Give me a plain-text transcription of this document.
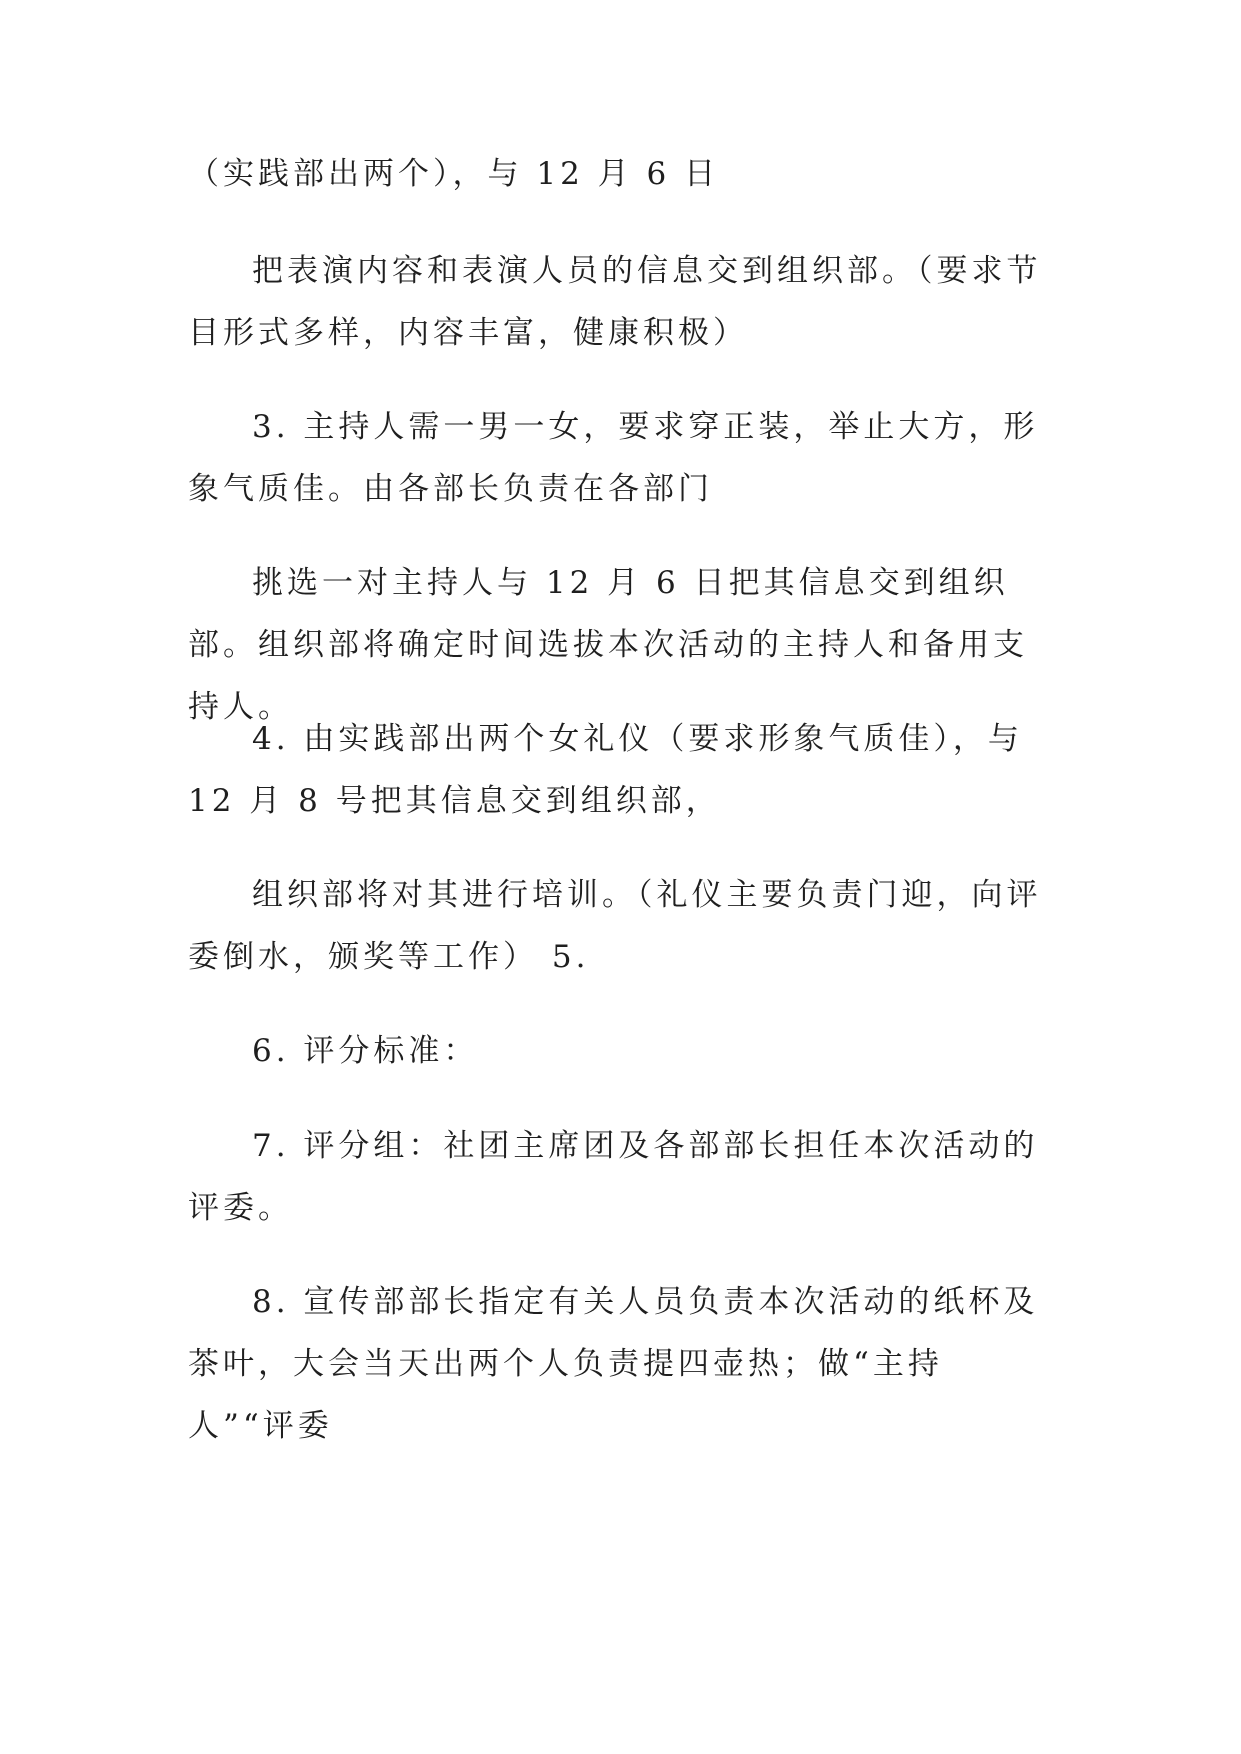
（实践部出两个），与 12 月 6 日

把表演内容和表演人员的信息交到组织部。（要求节目形式多样，内容丰富，健康积极）

3. 主持人需一男一女，要求穿正装，举止大方，形象气质佳。由各部长负责在各部门

挑选一对主持人与 12 月 6 日把其信息交到组织部。组织部将确定时间选拔本次活动的主持人和备用支持人。

4. 由实践部出两个女礼仪（要求形象气质佳），与 12 月 8 号把其信息交到组织部，

组织部将对其进行培训。（礼仪主要负责门迎，向评委倒水，颁奖等工作） 5.

6. 评分标准：

7. 评分组：社团主席团及各部部长担任本次活动的评委。

8. 宣传部部长指定有关人员负责本次活动的纸杯及茶叶，大会当天出两个人负责提四壶热；做“主持人”“评委
